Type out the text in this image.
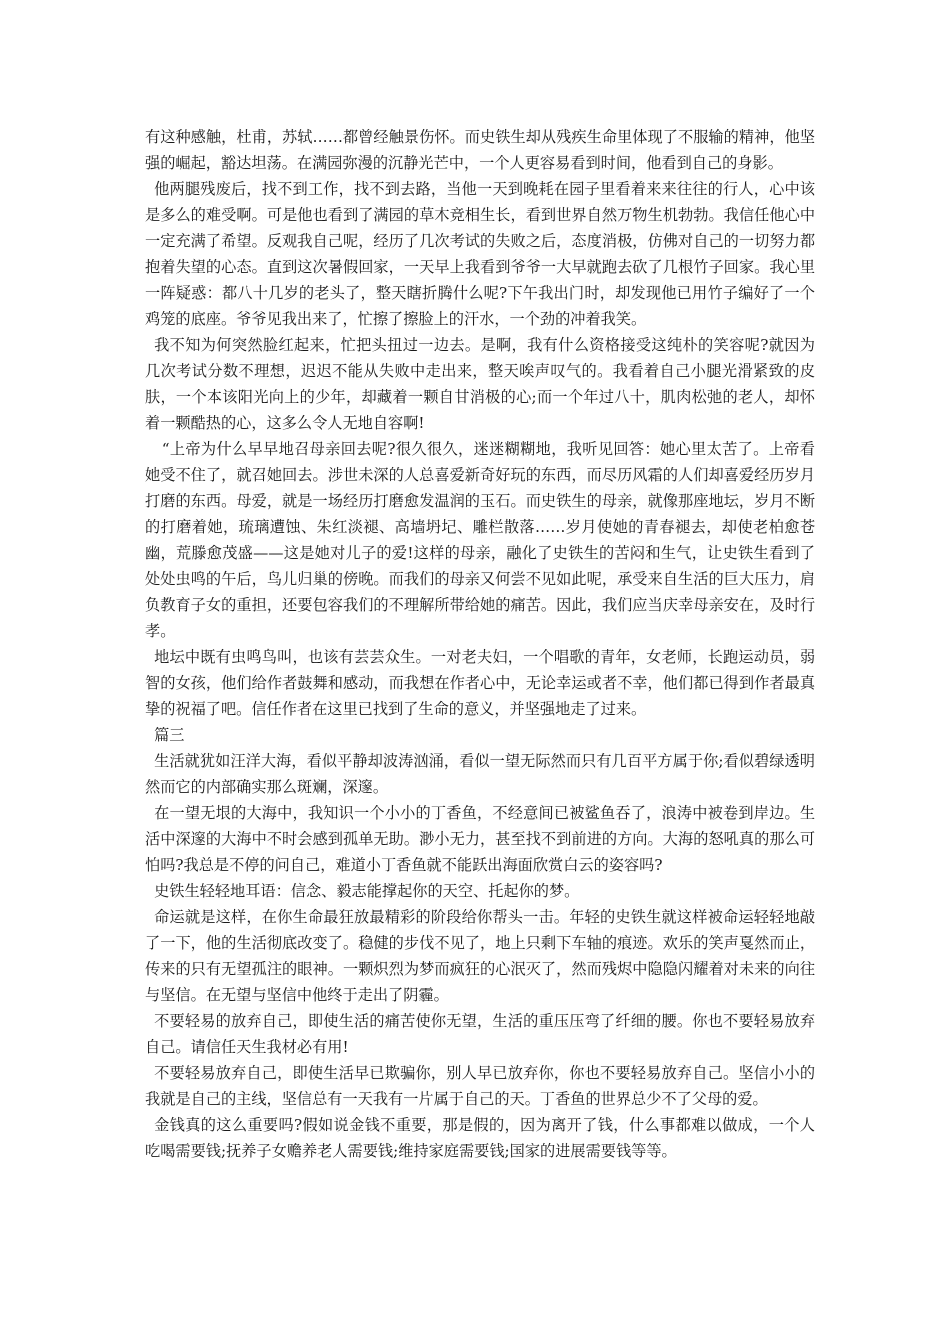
有这种感触，杜甫，苏轼……都曾经触景伤怀。而史铁生却从残疾生命里体现了不服输的精神，他坚强的崛起，豁达坦荡。在满园弥漫的沉静光芒中，一个人更容易看到时间，他看到自己的身影。

他两腿残废后，找不到工作，找不到去路，当他一天到晚耗在园子里看着来来往往的行人，心中该是多么的难受啊。可是他也看到了满园的草木竞相生长，看到世界自然万物生机勃勃。我信任他心中一定充满了希望。反观我自己呢，经历了几次考试的失败之后，态度消极，仿佛对自己的一切努力都抱着失望的心态。直到这次暑假回家，一天早上我看到爷爷一大早就跑去砍了几根竹子回家。我心里一阵疑惑：都八十几岁的老头了，整天瞎折腾什么呢?下午我出门时，却发现他已用竹子编好了一个鸡笼的底座。爷爷见我出来了，忙擦了擦脸上的汗水，一个劲的冲着我笑。

我不知为何突然脸红起来，忙把头扭过一边去。是啊，我有什么资格接受这纯朴的笑容呢?就因为几次考试分数不理想，迟迟不能从失败中走出来，整天唉声叹气的。我看着自己小腿光滑紧致的皮肤，一个本该阳光向上的少年，却藏着一颗自甘消极的心;而一个年过八十，肌肉松弛的老人，却怀着一颗酷热的心，这多么令人无地自容啊!

“上帝为什么早早地召母亲回去呢?很久很久，迷迷糊糊地，我听见回答：她心里太苦了。上帝看她受不住了，就召她回去。涉世未深的人总喜爱新奇好玩的东西，而尽历风霜的人们却喜爱经历岁月打磨的东西。母爱，就是一场经历打磨愈发温润的玉石。而史铁生的母亲，就像那座地坛，岁月不断的打磨着她，琉璃遭蚀、朱红淡褪、高墙坍圮、雕栏散落……岁月使她的青春褪去，却使老柏愈苍幽，荒滕愈茂盛——这是她对儿子的爱!这样的母亲，融化了史铁生的苦闷和生气，让史铁生看到了处处虫鸣的午后，鸟儿归巢的傍晚。而我们的母亲又何尝不见如此呢，承受来自生活的巨大压力，肩负教育子女的重担，还要包容我们的不理解所带给她的痛苦。因此，我们应当庆幸母亲安在，及时行孝。

地坛中既有虫鸣鸟叫，也该有芸芸众生。一对老夫妇，一个唱歌的青年，女老师，长跑运动员，弱智的女孩，他们给作者鼓舞和感动，而我想在作者心中，无论幸运或者不幸，他们都已得到作者最真挚的祝福了吧。信任作者在这里已找到了生命的意义，并坚强地走了过来。

篇三

生活就犹如汪洋大海，看似平静却波涛汹涌，看似一望无际然而只有几百平方属于你;看似碧绿透明然而它的内部确实那么斑斓，深邃。

在一望无垠的大海中，我知识一个小小的丁香鱼，不经意间已被鲨鱼吞了，浪涛中被卷到岸边。生活中深邃的大海中不时会感到孤单无助。渺小无力，甚至找不到前进的方向。大海的怒吼真的那么可怕吗?我总是不停的问自己，难道小丁香鱼就不能跃出海面欣赏白云的姿容吗?

史铁生轻轻地耳语：信念、毅志能撑起你的天空、托起你的梦。

命运就是这样，在你生命最狂放最精彩的阶段给你帮头一击。年轻的史铁生就这样被命运轻轻地敲了一下，他的生活彻底改变了。稳健的步伐不见了，地上只剩下车轴的痕迹。欢乐的笑声戛然而止，传来的只有无望孤注的眼神。一颗炽烈为梦而疯狂的心泯灭了，然而残烬中隐隐闪耀着对未来的向往与坚信。在无望与坚信中他终于走出了阴霾。

不要轻易的放弃自己，即使生活的痛苦使你无望，生活的重压压弯了纤细的腰。你也不要轻易放弃自己。请信任天生我材必有用!

不要轻易放弃自己，即使生活早已欺骗你，别人早已放弃你，你也不要轻易放弃自己。坚信小小的我就是自己的主线，坚信总有一天我有一片属于自己的天。丁香鱼的世界总少不了父母的爱。

金钱真的这么重要吗?假如说金钱不重要，那是假的，因为离开了钱，什么事都难以做成，一个人吃喝需要钱;抚养子女赡养老人需要钱;维持家庭需要钱;国家的进展需要钱等等。
